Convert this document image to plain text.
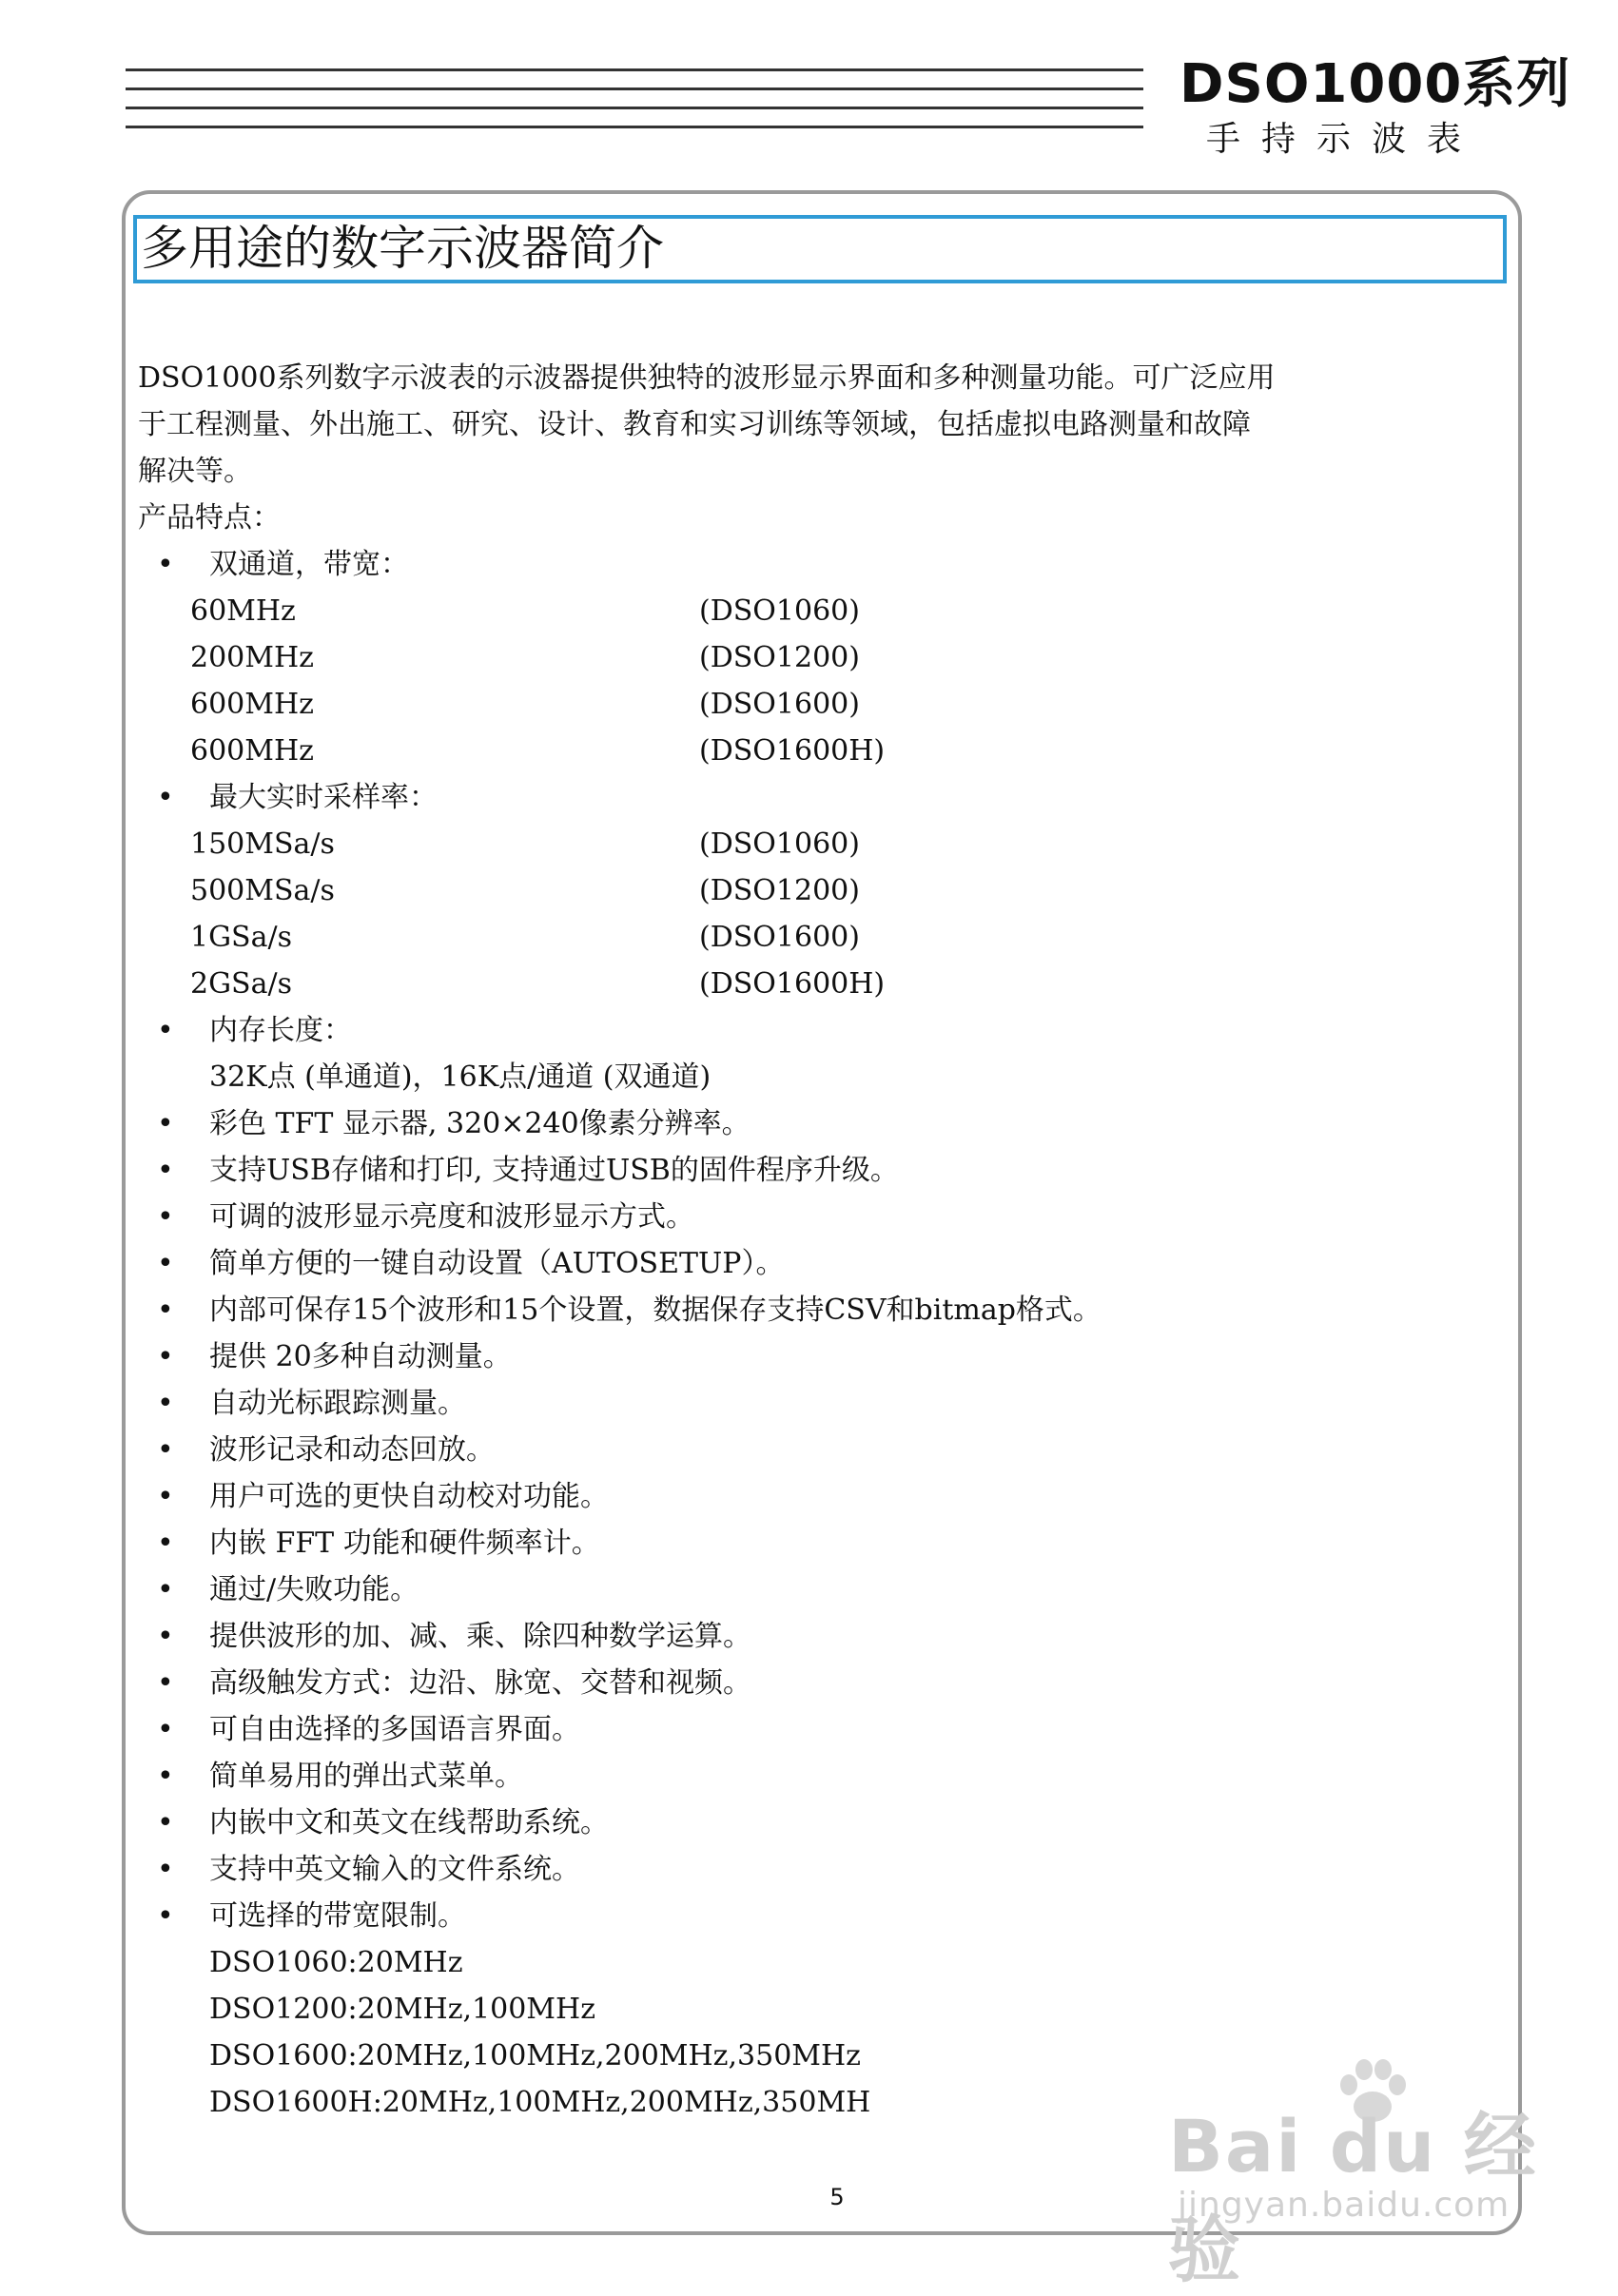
DSO1000系列
手持示波表
多用途的数字示波器简介
DSO1000系列数字示波表的示波器提供独特的波形显示界面和多种测量功能。可广泛应用
于工程测量、外出施工、研究、设计、教育和实习训练等领域，包括虚拟电路测量和故障
解决等。
产品特点：
• 双通道，带宽：
60MHz	(DSO1060)
200MHz	(DSO1200)
600MHz	(DSO1600)
600MHz	(DSO1600H)
• 最大实时采样率：
150MSa/s	(DSO1060)
500MSa/s	(DSO1200)
1GSa/s	(DSO1600)
2GSa/s	(DSO1600H)
• 内存长度：
32K点 (单通道)，16K点/通道 (双通道)
• 彩色 TFT 显示器, 320×240像素分辨率。
• 支持USB存储和打印, 支持通过USB的固件程序升级。
• 可调的波形显示亮度和波形显示方式。
• 简单方便的一键自动设置（AUTOSETUP）。
• 内部可保存15个波形和15个设置，数据保存支持CSV和bitmap格式。
• 提供 20多种自动测量。
• 自动光标跟踪测量。
• 波形记录和动态回放。
• 用户可选的更快自动校对功能。
• 内嵌 FFT 功能和硬件频率计。
• 通过/失败功能。
• 提供波形的加、减、乘、除四种数学运算。
• 高级触发方式：边沿、脉宽、交替和视频。
• 可自由选择的多国语言界面。
• 简单易用的弹出式菜单。
• 内嵌中文和英文在线帮助系统。
• 支持中英文输入的文件系统。
• 可选择的带宽限制。
DSO1060:20MHz
DSO1200:20MHz,100MHz
DSO1600:20MHz,100MHz,200MHz,350MHz
DSO1600H:20MHz,100MHz,200MHz,350MH
5
Bai du 经验
jingyan.baidu.com
